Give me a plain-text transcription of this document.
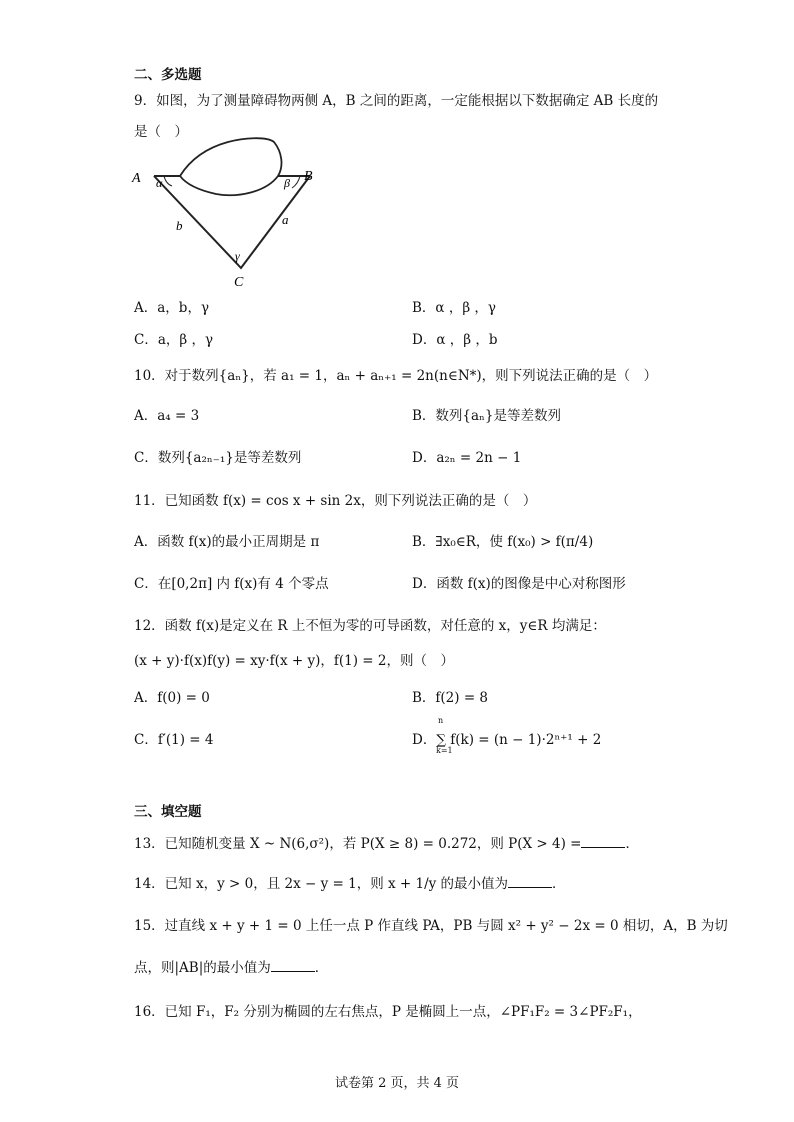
二、多选题
9．如图，为了测量障碍物两侧 A，B 之间的距离，一定能根据以下数据确定 AB 长度的
是（　）
A	B
C
α	β
γ
a
b
A．a，b，γ	B．α ，β ，γ
C．a，β ，γ	D．α ，β ，b
10．对于数列{aₙ}，若 a₁ = 1，aₙ + aₙ₊₁ = 2n(n∈N*)，则下列说法正确的是（　）
A．a₄ = 3	B．数列{aₙ}是等差数列
C．数列{a₂ₙ₋₁}是等差数列	D．a₂ₙ = 2n − 1
11．已知函数 f(x) = cos x + sin 2x，则下列说法正确的是（　）
A．函数 f(x)的最小正周期是 π	B．∃x₀∈R，使 f(x₀) > f(π/4)
C．在[0,2π] 内 f(x)有 4 个零点	D．函数 f(x)的图像是中心对称图形
12．函数 f(x)是定义在 R 上不恒为零的可导函数，对任意的 x，y∈R 均满足：
(x + y)·f(x)f(y) = xy·f(x + y)，f(1) = 2，则（　）
A．f(0) = 0	B．f(2) = 8
C．f′(1) = 4	D．∑ f(k) = (n − 1)·2ⁿ⁺¹ + 2
n
k=1
三、填空题
13．已知随机变量 X ~ N(6,σ²)，若 P(X ≥ 8) = 0.272，则 P(X > 4) =	．
14．已知 x，y > 0，且 2x − y = 1，则 x + 1/y 的最小值为	．
15．过直线 x + y + 1 = 0 上任一点 P 作直线 PA，PB 与圆 x² + y² − 2x = 0 相切，A，B 为切
点，则|AB|的最小值为	．
16．已知 F₁，F₂ 分别为椭圆的左右焦点，P 是椭圆上一点，∠PF₁F₂ = 3∠PF₂F₁，
试卷第 2 页，共 4 页
